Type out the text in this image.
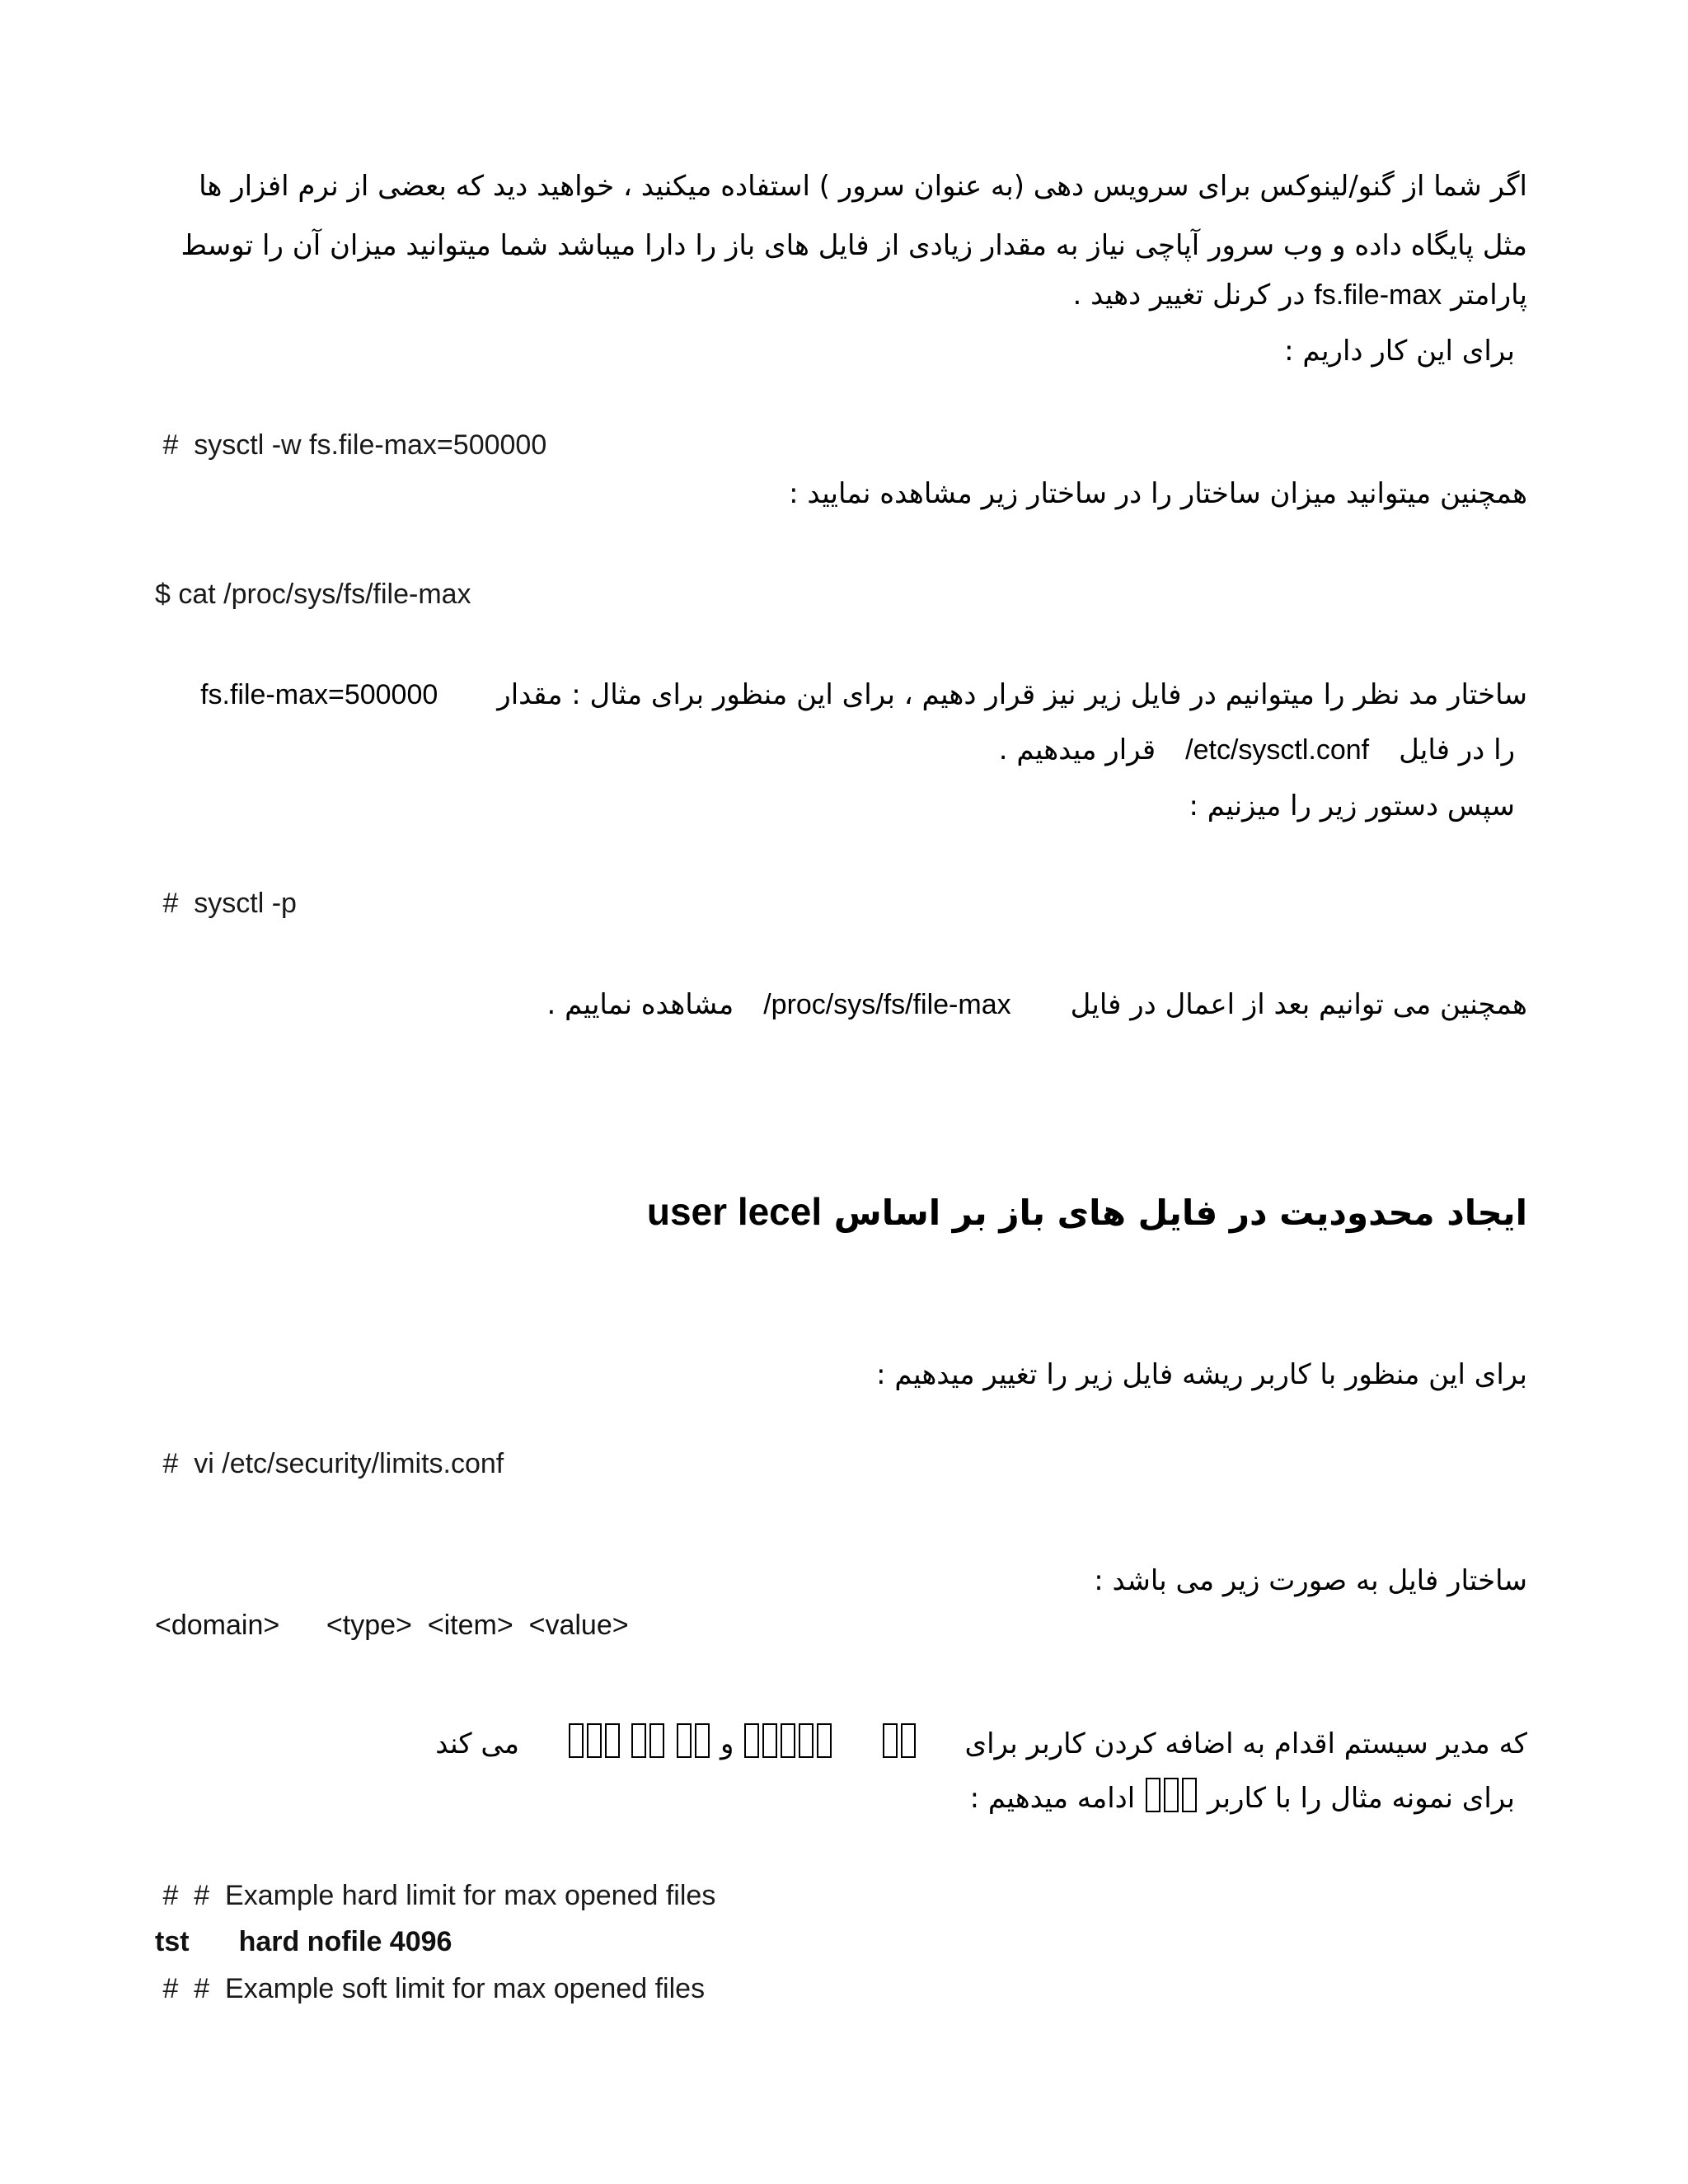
اگر شما از گنو/لینوکس برای سرویس دهی (به عنوان سرور ) استفاده میکنید ، خواهید دید که بعضی از نرم افزار ها
مثل پایگاه داده و وب سرور آپاچی نیاز به مقدار زیادی از فایل های باز را دارا میباشد شما میتوانید میزان آن را توسط
پارامتر fs.file-max در کرنل تغییر دهید .
برای این کار داریم :
#  sysctl -w fs.file-max=500000
همچنین میتوانید میزان ساختار را در ساختار زیر مشاهده نمایید :
$ cat /proc/sys/fs/file-max
ساختار مد نظر را میتوانیم در فایل زیر نیز قرار دهیم ، برای این منظور برای مثال : مقدارfs.file-max=500000
را در فایل/etc/sysctl.confقرار میدهیم .
سپس دستور زیر را میزنیم :
#  sysctl -p
همچنین می توانیم بعد از اعمال در فایل/proc/sys/fs/file-maxمشاهده نماییم .
ایجاد محدودیت در فایل های باز بر اساس user lecel
برای این منظور با کاربر ریشه فایل زیر را تغییر میدهیم :
#  vi /etc/security/limits.conf
ساختار فایل به صورت زیر می باشد :
<domain>      <type>  <item>  <value>
که مدیر سیستم اقدام به اضافه کردن کاربر برای     و     می کند
برای نمونه مثال را با کاربر  ادامه میدهیم :
#  #  Example hard limit for max opened files
tst hard nofile 4096
#  #  Example soft limit for max opened files
